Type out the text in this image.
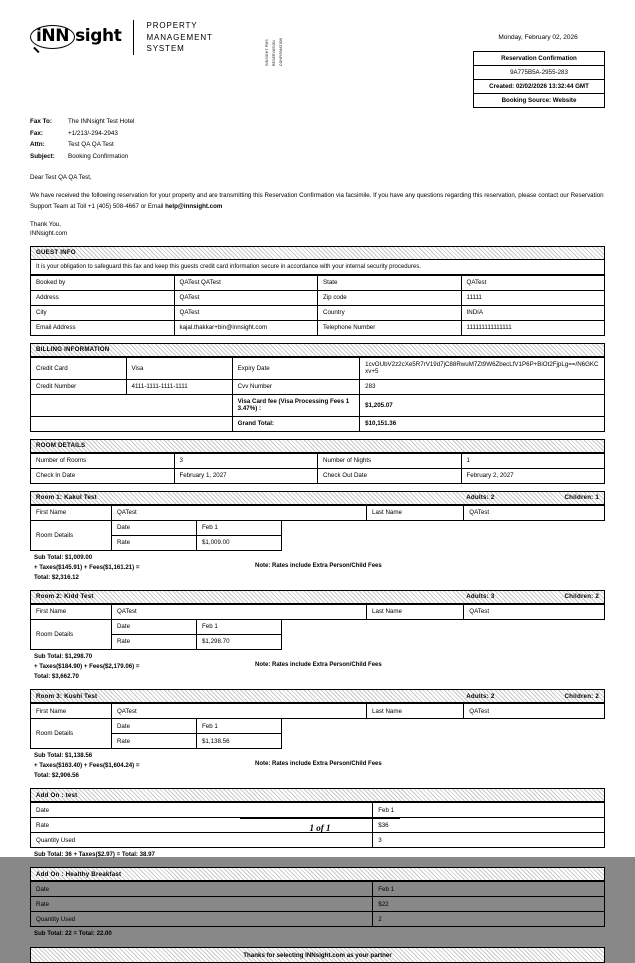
iNN sight
PROPERTY
MANAGEMENT
SYSTEM	INNSIGHT PMS RESERVATION CONFIRMATION
Monday, February 02, 2026
Reservation Confirmation
9A775B5A-2955-283
Created: 02/02/2026 13:32:44 GMT
Booking Source: Website
Fax To:	The INNsight Test Hotel
Fax:	+1/213/-294-2943
Attn:	Test QA QA Test
Subject:	Booking Confirmation
Dear Test QA QA Test,
We have received the following reservation for your property and are transmitting this Reservation Confirmation via facsimile. If you have any questions regarding this reservation, please contact our Reservation Support Team at Toll +1 (405) 508-4667 or Email help@innsight.com
Thank You,
INNsight.com
GUEST INFO
It is your obligation to safeguard this fax and keep this guests credit card information secure in accordance with your internal security procedures.
Booked by	QATest QATest	State	QATest
Address	QATest	Zip code	11111
City	QATest	Country	INDIA
Email Address	kajal.thakkar+bin@innsight.com	Telephone Number	111111111111111
BILLING INFORMATION
Credit Card	Visa	Expiry Date	1cvOUbV2z2cXe5R7rV19d7jC88RwuM7Zt9W6ZbecLfV1P6P+BiOt2FjpLg==/N6GKCxv+5
Credit Number	4111-1111-1111-1111	Cvv Number	283
		Visa Card fee (Visa Processing Fees 13.47%) :	$1,205.07
		Grand Total:	$10,151.36
ROOM DETAILS
Number of Rooms	3	Number of Nights	1
Check In Date	February 1, 2027	Check Out Date	February 2, 2027
Room 1: Kakul Test	Adults: 2	Children: 1
First Name	QATest			Last Name	QATest
Room Details	Date	Feb 1			
	Rate	$1,009.00			
Sub Total: $1,009.00
+ Taxes($145.91) + Fees($1,161.21) =
Total: $2,316.12
Note: Rates include Extra Person/Child Fees
Room 2: Kidd Test	Adults: 3	Children: 2
First Name	QATest			Last Name	QATest
Room Details	Date	Feb 1			
	Rate	$1,298.70			
Sub Total: $1,298.70
+ Taxes($184.90) + Fees($2,179.06) =
Total: $3,662.70
Note: Rates include Extra Person/Child Fees
Room 3: Kushi Test	Adults: 2	Children: 2
First Name	QATest			Last Name	QATest
Room Details	Date	Feb 1			
	Rate	$1,138.56			
Sub Total: $1,138.56
+ Taxes($163.40) + Fees($1,604.24) =
Total: $2,906.56
Note: Rates include Extra Person/Child Fees
Add On : test
Date	Feb 1
Rate	$36
Quantity Used	3
Sub Total: 36 + Taxes($2.97) = Total: 38.97
Add On : Healthy Breakfast
Date	Feb 1
Rate	$22
Quantity Used	2
Sub Total: 22 = Total: 22.00
Thanks for selecting INNsight.com as your partner
1 of 1
